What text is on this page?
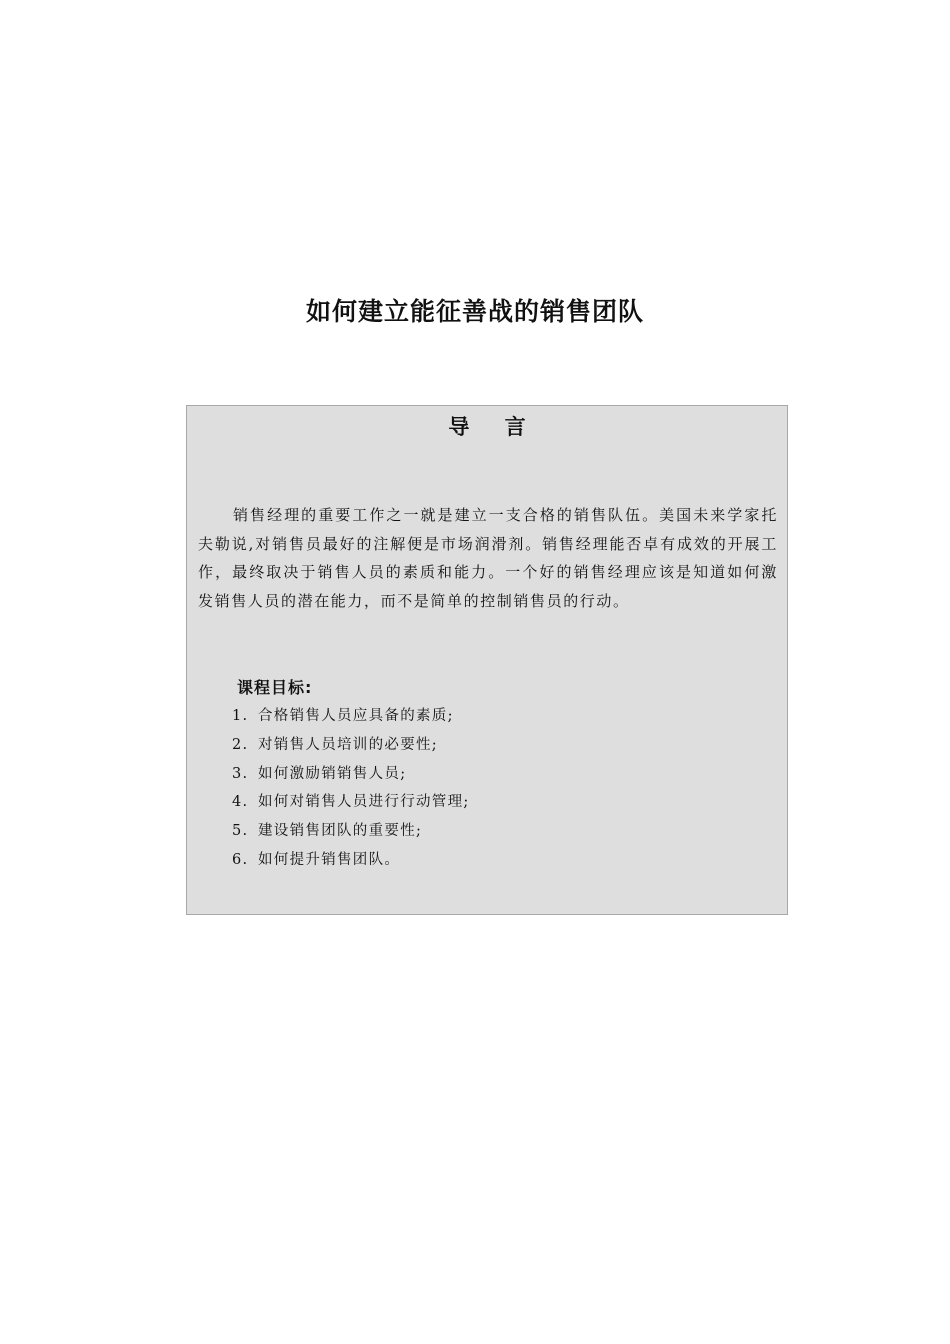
如何建立能征善战的销售团队
导 言

销售经理的重要工作之一就是建立一支合格的销售队伍。美国未来学家托夫勒说,对销售员最好的注解便是市场润滑剂。销售经理能否卓有成效的开展工作，最终取决于销售人员的素质和能力。一个好的销售经理应该是知道如何激发销售人员的潜在能力，而不是简单的控制销售员的行动。

课程目标:
1. 合格销售人员应具备的素质;
2. 对销售人员培训的必要性;
3. 如何激励销销售人员;
4. 如何对销售人员进行行动管理;
5. 建设销售团队的重要性;
6. 如何提升销售团队。
